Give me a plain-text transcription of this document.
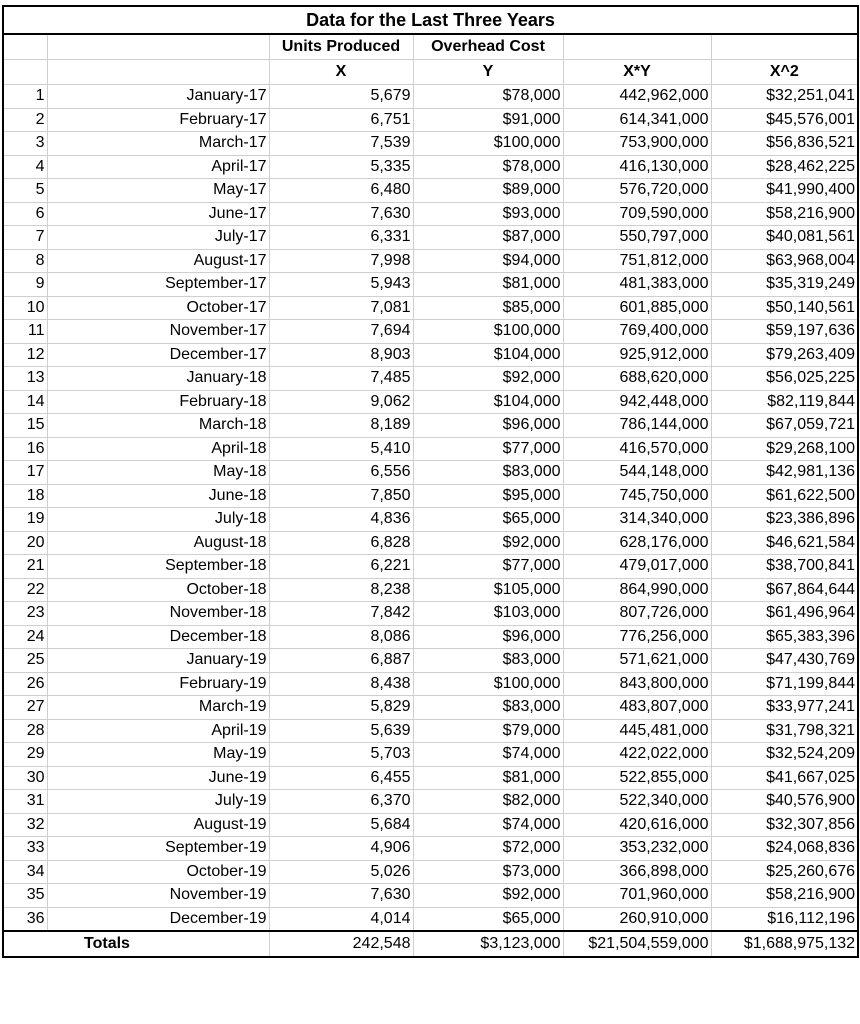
Data for the Last Three Years					
		Units Produced	Overhead Cost		
		X	Y	X*Y	X^2
1	January-17	5,679	$78,000	442,962,000	$32,251,041
2	February-17	6,751	$91,000	614,341,000	$45,576,001
3	March-17	7,539	$100,000	753,900,000	$56,836,521
4	April-17	5,335	$78,000	416,130,000	$28,462,225
5	May-17	6,480	$89,000	576,720,000	$41,990,400
6	June-17	7,630	$93,000	709,590,000	$58,216,900
7	July-17	6,331	$87,000	550,797,000	$40,081,561
8	August-17	7,998	$94,000	751,812,000	$63,968,004
9	September-17	5,943	$81,000	481,383,000	$35,319,249
10	October-17	7,081	$85,000	601,885,000	$50,140,561
11	November-17	7,694	$100,000	769,400,000	$59,197,636
12	December-17	8,903	$104,000	925,912,000	$79,263,409
13	January-18	7,485	$92,000	688,620,000	$56,025,225
14	February-18	9,062	$104,000	942,448,000	$82,119,844
15	March-18	8,189	$96,000	786,144,000	$67,059,721
16	April-18	5,410	$77,000	416,570,000	$29,268,100
17	May-18	6,556	$83,000	544,148,000	$42,981,136
18	June-18	7,850	$95,000	745,750,000	$61,622,500
19	July-18	4,836	$65,000	314,340,000	$23,386,896
20	August-18	6,828	$92,000	628,176,000	$46,621,584
21	September-18	6,221	$77,000	479,017,000	$38,700,841
22	October-18	8,238	$105,000	864,990,000	$67,864,644
23	November-18	7,842	$103,000	807,726,000	$61,496,964
24	December-18	8,086	$96,000	776,256,000	$65,383,396
25	January-19	6,887	$83,000	571,621,000	$47,430,769
26	February-19	8,438	$100,000	843,800,000	$71,199,844
27	March-19	5,829	$83,000	483,807,000	$33,977,241
28	April-19	5,639	$79,000	445,481,000	$31,798,321
29	May-19	5,703	$74,000	422,022,000	$32,524,209
30	June-19	6,455	$81,000	522,855,000	$41,667,025
31	July-19	6,370	$82,000	522,340,000	$40,576,900
32	August-19	5,684	$74,000	420,616,000	$32,307,856
33	September-19	4,906	$72,000	353,232,000	$24,068,836
34	October-19	5,026	$73,000	366,898,000	$25,260,676
35	November-19	7,630	$92,000	701,960,000	$58,216,900
36	December-19	4,014	$65,000	260,910,000	$16,112,196
Totals		242,548	$3,123,000	$21,504,559,000	$1,688,975,132
